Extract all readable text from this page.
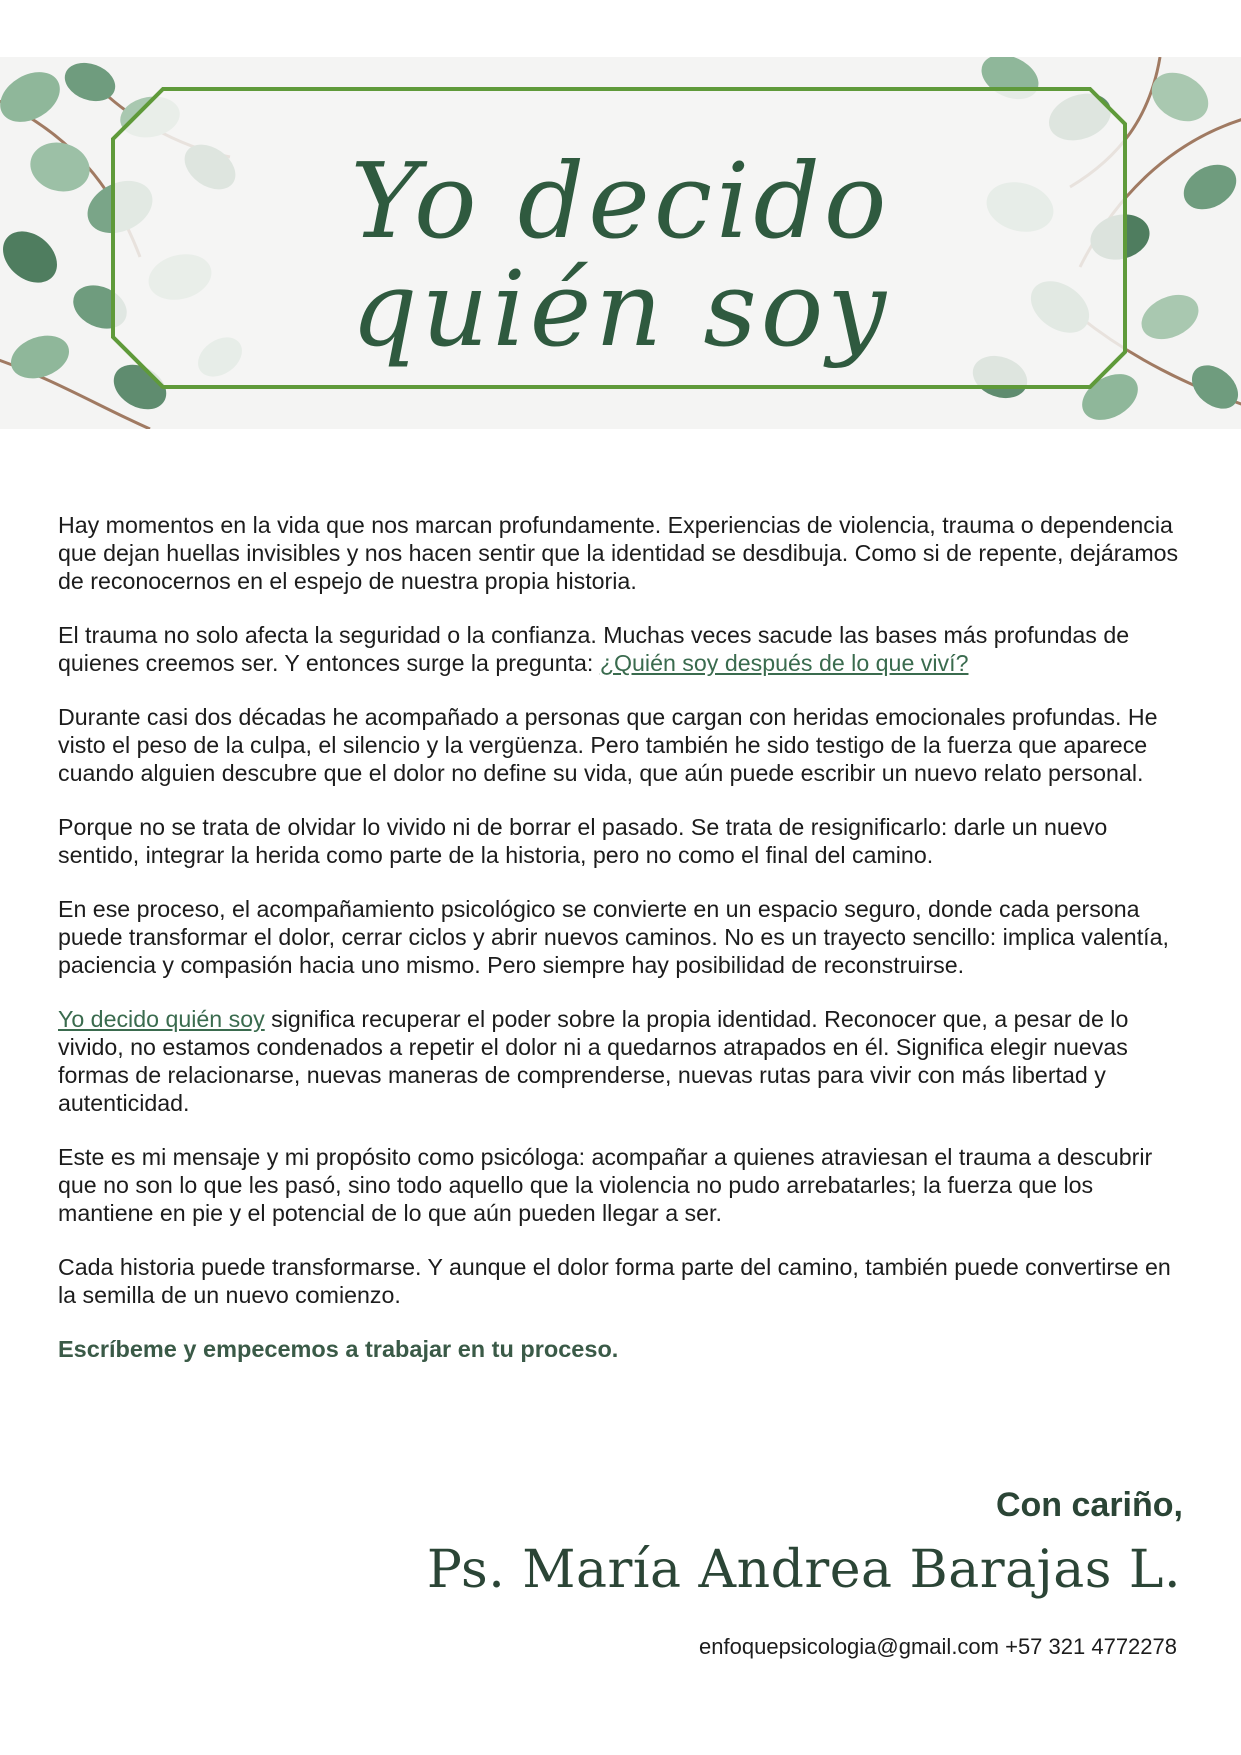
Yo decido
quién soy

Hay momentos en la vida que nos marcan profundamente. Experiencias de violencia, trauma o dependencia que dejan huellas invisibles y nos hacen sentir que la identidad se desdibuja. Como si de repente, dejáramos de reconocernos en el espejo de nuestra propia historia.

El trauma no solo afecta la seguridad o la confianza. Muchas veces sacude las bases más profundas de quienes creemos ser. Y entonces surge la pregunta: ¿Quién soy después de lo que viví?

Durante casi dos décadas he acompañado a personas que cargan con heridas emocionales profundas. He visto el peso de la culpa, el silencio y la vergüenza. Pero también he sido testigo de la fuerza que aparece cuando alguien descubre que el dolor no define su vida, que aún puede escribir un nuevo relato personal.

Porque no se trata de olvidar lo vivido ni de borrar el pasado. Se trata de resignificarlo: darle un nuevo sentido, integrar la herida como parte de la historia, pero no como el final del camino.

En ese proceso, el acompañamiento psicológico se convierte en un espacio seguro, donde cada persona puede transformar el dolor, cerrar ciclos y abrir nuevos caminos. No es un trayecto sencillo: implica valentía, paciencia y compasión hacia uno mismo. Pero siempre hay posibilidad de reconstruirse.

Yo decido quién soy significa recuperar el poder sobre la propia identidad. Reconocer que, a pesar de lo vivido, no estamos condenados a repetir el dolor ni a quedarnos atrapados en él. Significa elegir nuevas formas de relacionarse, nuevas maneras de comprenderse, nuevas rutas para vivir con más libertad y autenticidad.

Este es mi mensaje y mi propósito como psicóloga: acompañar a quienes atraviesan el trauma a descubrir que no son lo que les pasó, sino todo aquello que la violencia no pudo arrebatarles; la fuerza que los mantiene en pie y el potencial de lo que aún pueden llegar a ser.

Cada historia puede transformarse. Y aunque el dolor forma parte del camino, también puede convertirse en la semilla de un nuevo comienzo.

Escríbeme y empecemos a trabajar en tu proceso.

Con cariño,
Ps. María Andrea Barajas L.
enfoquepsicologia@gmail.com +57 321 4772278
